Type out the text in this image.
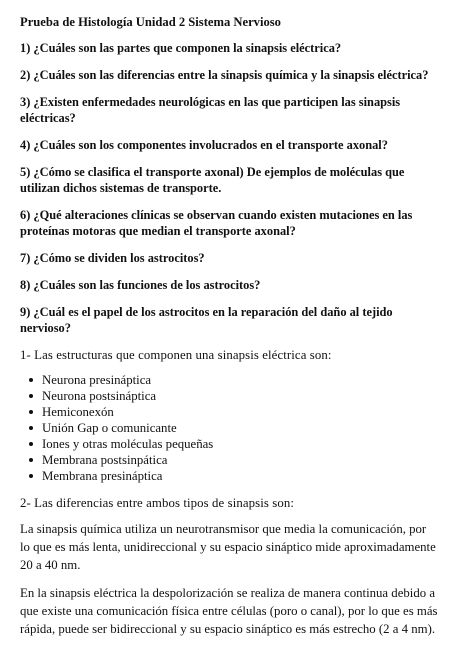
Prueba de Histología Unidad 2 Sistema Nervioso
1) ¿Cuáles son las partes que componen la sinapsis eléctrica?
2) ¿Cuáles son las diferencias entre la sinapsis química y la sinapsis eléctrica?
3) ¿Existen enfermedades neurológicas en las que participen las sinapsis eléctricas?
4) ¿Cuáles son los componentes involucrados en el transporte axonal?
5) ¿Cómo se clasifica el transporte axonal) De ejemplos de moléculas que utilizan dichos sistemas de transporte.
6) ¿Qué alteraciones clínicas se observan cuando existen mutaciones en las proteínas motoras que median el transporte axonal?
7) ¿Cómo se dividen los astrocitos?
8) ¿Cuáles son las funciones de los astrocitos?
9) ¿Cuál es el papel de los astrocitos en la reparación del daño al tejido nervioso?
1- Las estructuras que componen una sinapsis eléctrica son:
Neurona presináptica
Neurona postsináptica
Hemiconexón
Unión Gap o comunicante
Iones y otras moléculas pequeñas
Membrana postsinpática
Membrana presináptica
2- Las diferencias entre ambos tipos de sinapsis son:

La sinapsis química utiliza un neurotransmisor que media la comunicación, por lo que es más lenta, unidireccional y su espacio sináptico mide aproximadamente 20 a 40 nm.

En la sinapsis eléctrica la despolorización se realiza de manera continua debido a que existe una comunicación física entre células (poro o canal), por lo que es más rápida, puede ser bidireccional y su espacio sináptico es más estrecho (2 a 4 nm).
